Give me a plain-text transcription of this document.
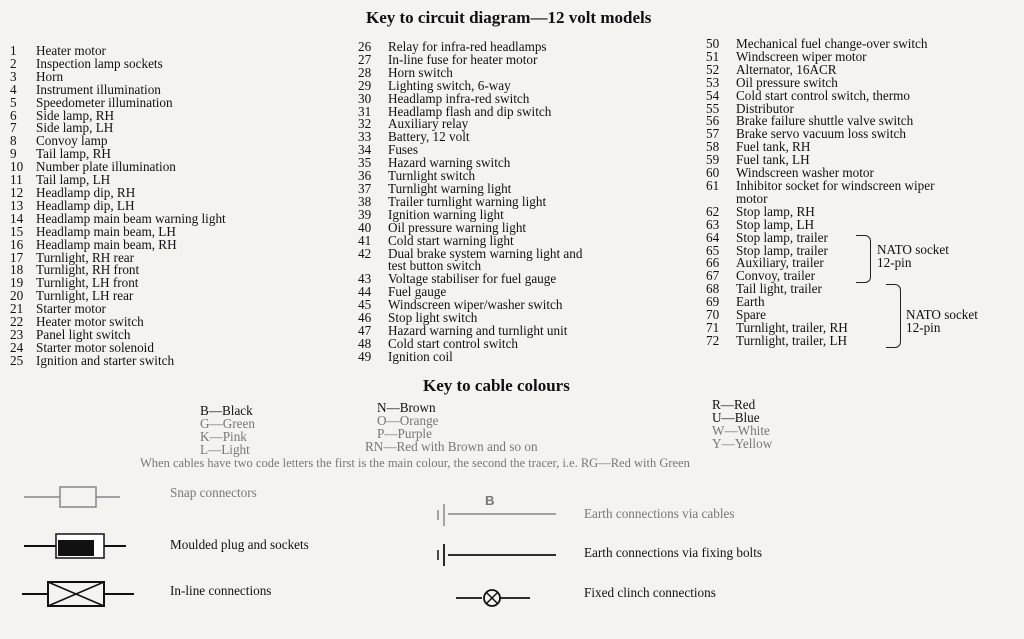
Key to circuit diagram—12 volt models
1	Heater motor
2	Inspection lamp sockets
3	Horn
4	Instrument illumination
5	Speedometer illumination
6	Side lamp, RH
7	Side lamp, LH
8	Convoy lamp
9	Tail lamp, RH
10 Number plate illumination
11	Tail lamp, LH
12 Headlamp dip, RH
13 Headlamp dip, LH
14 Headlamp main beam warning light
15 Headlamp main beam, LH
16 Headlamp main beam, RH
17 Turnlight, RH rear
18 Turnlight, RH front
19 Turnlight, LH front
20 Turnlight, LH rear
21 Starter motor
22 Heater motor switch
23 Panel light switch
24 Starter motor solenoid
25 Ignition and starter switch
26	Relay for infra-red headlamps
27	In-line fuse for heater motor
28	Horn switch
29	Lighting switch, 6-way
30	Headlamp infra-red switch
31	Headlamp flash and dip switch
32	Auxiliary relay
33	Battery, 12 volt
34	Fuses
35	Hazard warning switch
36	Turnlight switch
37	Turnlight warning light
38	Trailer turnlight warning light
39	Ignition warning light
40	Oil pressure warning light
41	Cold start warning light
42	Dual brake system warning light and
test button switch
43	Voltage stabiliser for fuel gauge
44	Fuel gauge
45	Windscreen wiper/washer switch
46	Stop light switch
47	Hazard warning and turnlight unit
48	Cold start control switch
49	Ignition coil
50	Mechanical fuel change-over switch
51	Windscreen wiper motor
52	Alternator, 16ACR
53	Oil pressure switch
54	Cold start control switch, thermo
55	Distributor
56	Brake failure shuttle valve switch
57	Brake servo vacuum loss switch
58	Fuel tank, RH
59	Fuel tank, LH
60	Windscreen washer motor
61	Inhibitor socket for windscreen wiper
motor
62	Stop lamp, RH
63	Stop lamp, LH
64	Stop lamp, trailer
65	Stop lamp, trailer
66	Auxiliary, trailer
67	Convoy, trailer
68	Tail light, trailer
69	Earth
70	Spare
71	Turnlight, trailer, RH
72	Turnlight, trailer, LH
NATO socket
12-pin
NATO socket
12-pin
Key to cable colours
B—Black
G—Green
K—Pink
L—Light
N—Brown
O—Orange
P—Purple
RN—Red with Brown and so on
R—Red
U—Blue
W—White
Y—Yellow
When cables have two code letters the first is the main colour, the second the tracer, i.e. RG—Red with Green
Snap connectors
Moulded plug and sockets
In-line connections
B
Earth connections via cables
Earth connections via fixing bolts
Fixed clinch connections
